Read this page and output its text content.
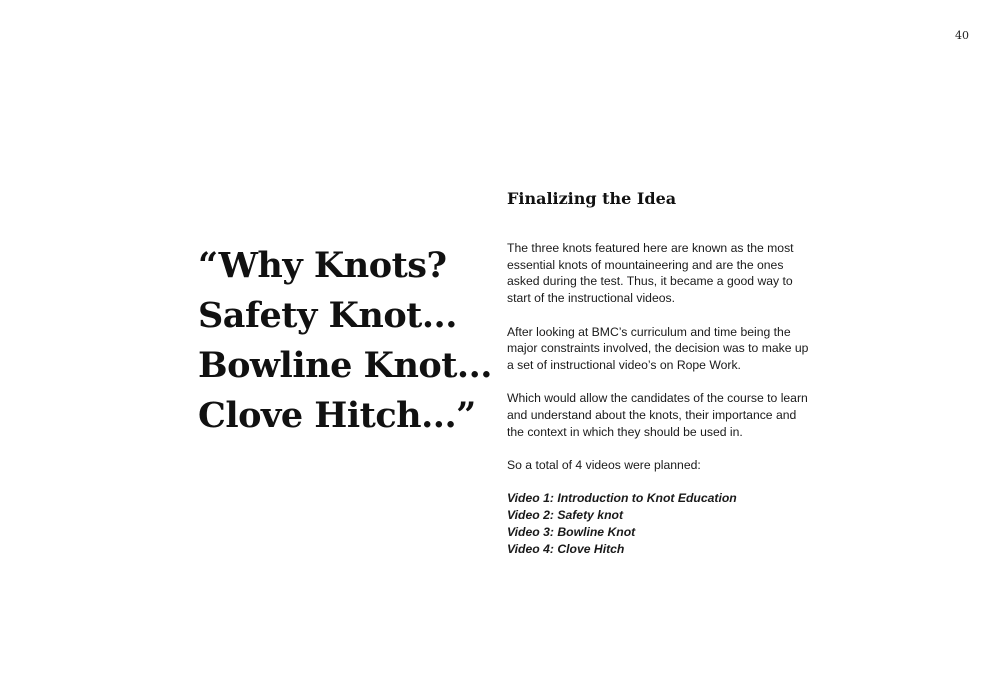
40
“Why Knots?
Safety Knot...
Bowline Knot...
Clove Hitch...”
Finalizing the Idea

The three knots featured here are known as the most essential knots of mountaineering and are the ones asked during the test. Thus, it became a good way to start of the instructional videos.

After looking at BMC’s curriculum and time being the major constraints involved, the decision was to make up a set of instructional video’s on Rope Work.

Which would allow the candidates of the course to learn and understand about the knots, their importance and the context in which they should be used in.

So a total of 4 videos were planned:

Video 1: Introduction to Knot Education
Video 2: Safety knot
Video 3: Bowline Knot
Video 4: Clove Hitch
